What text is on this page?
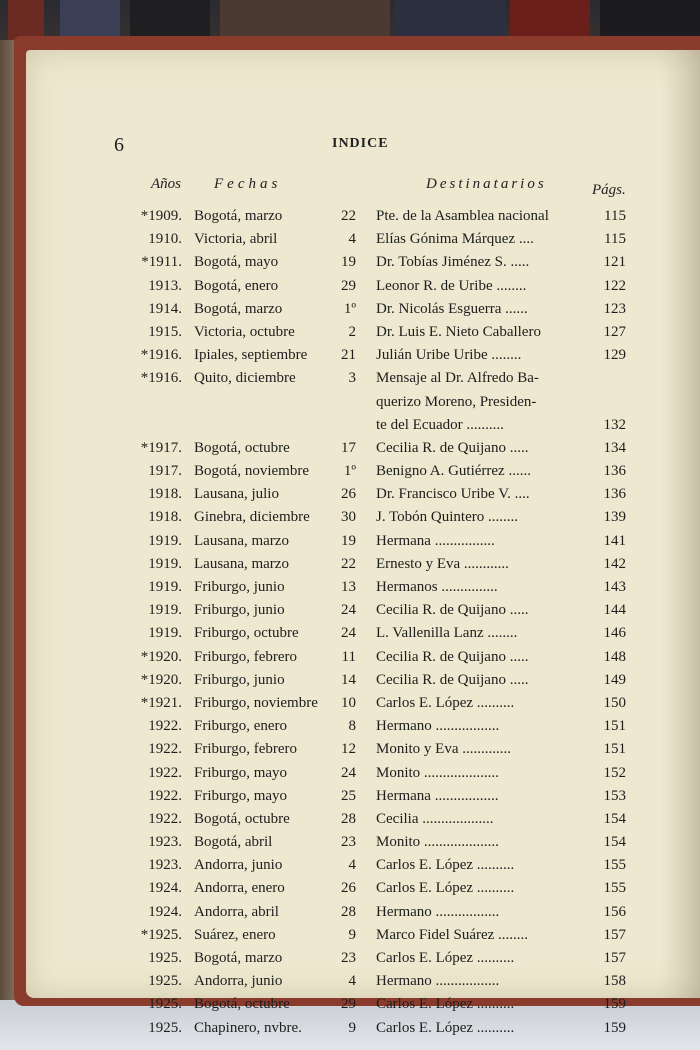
6	INDICE
Años Fechas	Destinatarios	Págs.
*1909. Bogotá, marzo	22 Pte. de la Asamblea nacional	115
1910. Victoria, abril	4 Elías Gónima Márquez ....	115
*1911. Bogotá, mayo	19 Dr. Tobías Jiménez S. .....	121
1913. Bogotá, enero	29 Leonor R. de Uribe ........	122
1914. Bogotá, marzo	1º Dr. Nicolás Esguerra ......	123
1915. Victoria, octubre	2 Dr. Luis E. Nieto Caballero	127
*1916. Ipiales, septiembre	21 Julián Uribe Uribe ........	129
*1916. Quito, diciembre	3 Mensaje al Dr. Alfredo Ba-
querizo Moreno, Presiden-
te del Ecuador ..........	132
*1917. Bogotá, octubre	17 Cecilia R. de Quijano .....	134
1917. Bogotá, noviembre	1º Benigno A. Gutiérrez ......	136
1918. Lausana, julio	26 Dr. Francisco Uribe V. ....	136
1918. Ginebra, diciembre	30 J. Tobón Quintero ........	139
1919. Lausana, marzo	19 Hermana ................	141
1919. Lausana, marzo	22 Ernesto y Eva ............	142
1919. Friburgo, junio	13 Hermanos ...............	143
1919. Friburgo, junio	24 Cecilia R. de Quijano .....	144
1919. Friburgo, octubre	24 L. Vallenilla Lanz ........	146
*1920. Friburgo, febrero	11 Cecilia R. de Quijano .....	148
*1920. Friburgo, junio	14 Cecilia R. de Quijano .....	149
*1921. Friburgo, noviembre	10 Carlos E. López ..........	150
1922. Friburgo, enero	8 Hermano .................	151
1922. Friburgo, febrero	12 Monito y Eva .............	151
1922. Friburgo, mayo	24 Monito ....................	152
1922. Friburgo, mayo	25 Hermana .................	153
1922. Bogotá, octubre	28 Cecilia ...................	154
1923. Bogotá, abril	23 Monito ....................	154
1923. Andorra, junio	4 Carlos E. López ..........	155
1924. Andorra, enero	26 Carlos E. López ..........	155
1924. Andorra, abril	28 Hermano .................	156
*1925. Suárez, enero	9 Marco Fidel Suárez ........	157
1925. Bogotá, marzo	23 Carlos E. López ..........	157
1925. Andorra, junio	4 Hermano .................	158
1925. Bogotá, octubre	29 Carlos E. López ..........	159
1925. Chapinero, nvbre.	9 Carlos E. López ..........	159
